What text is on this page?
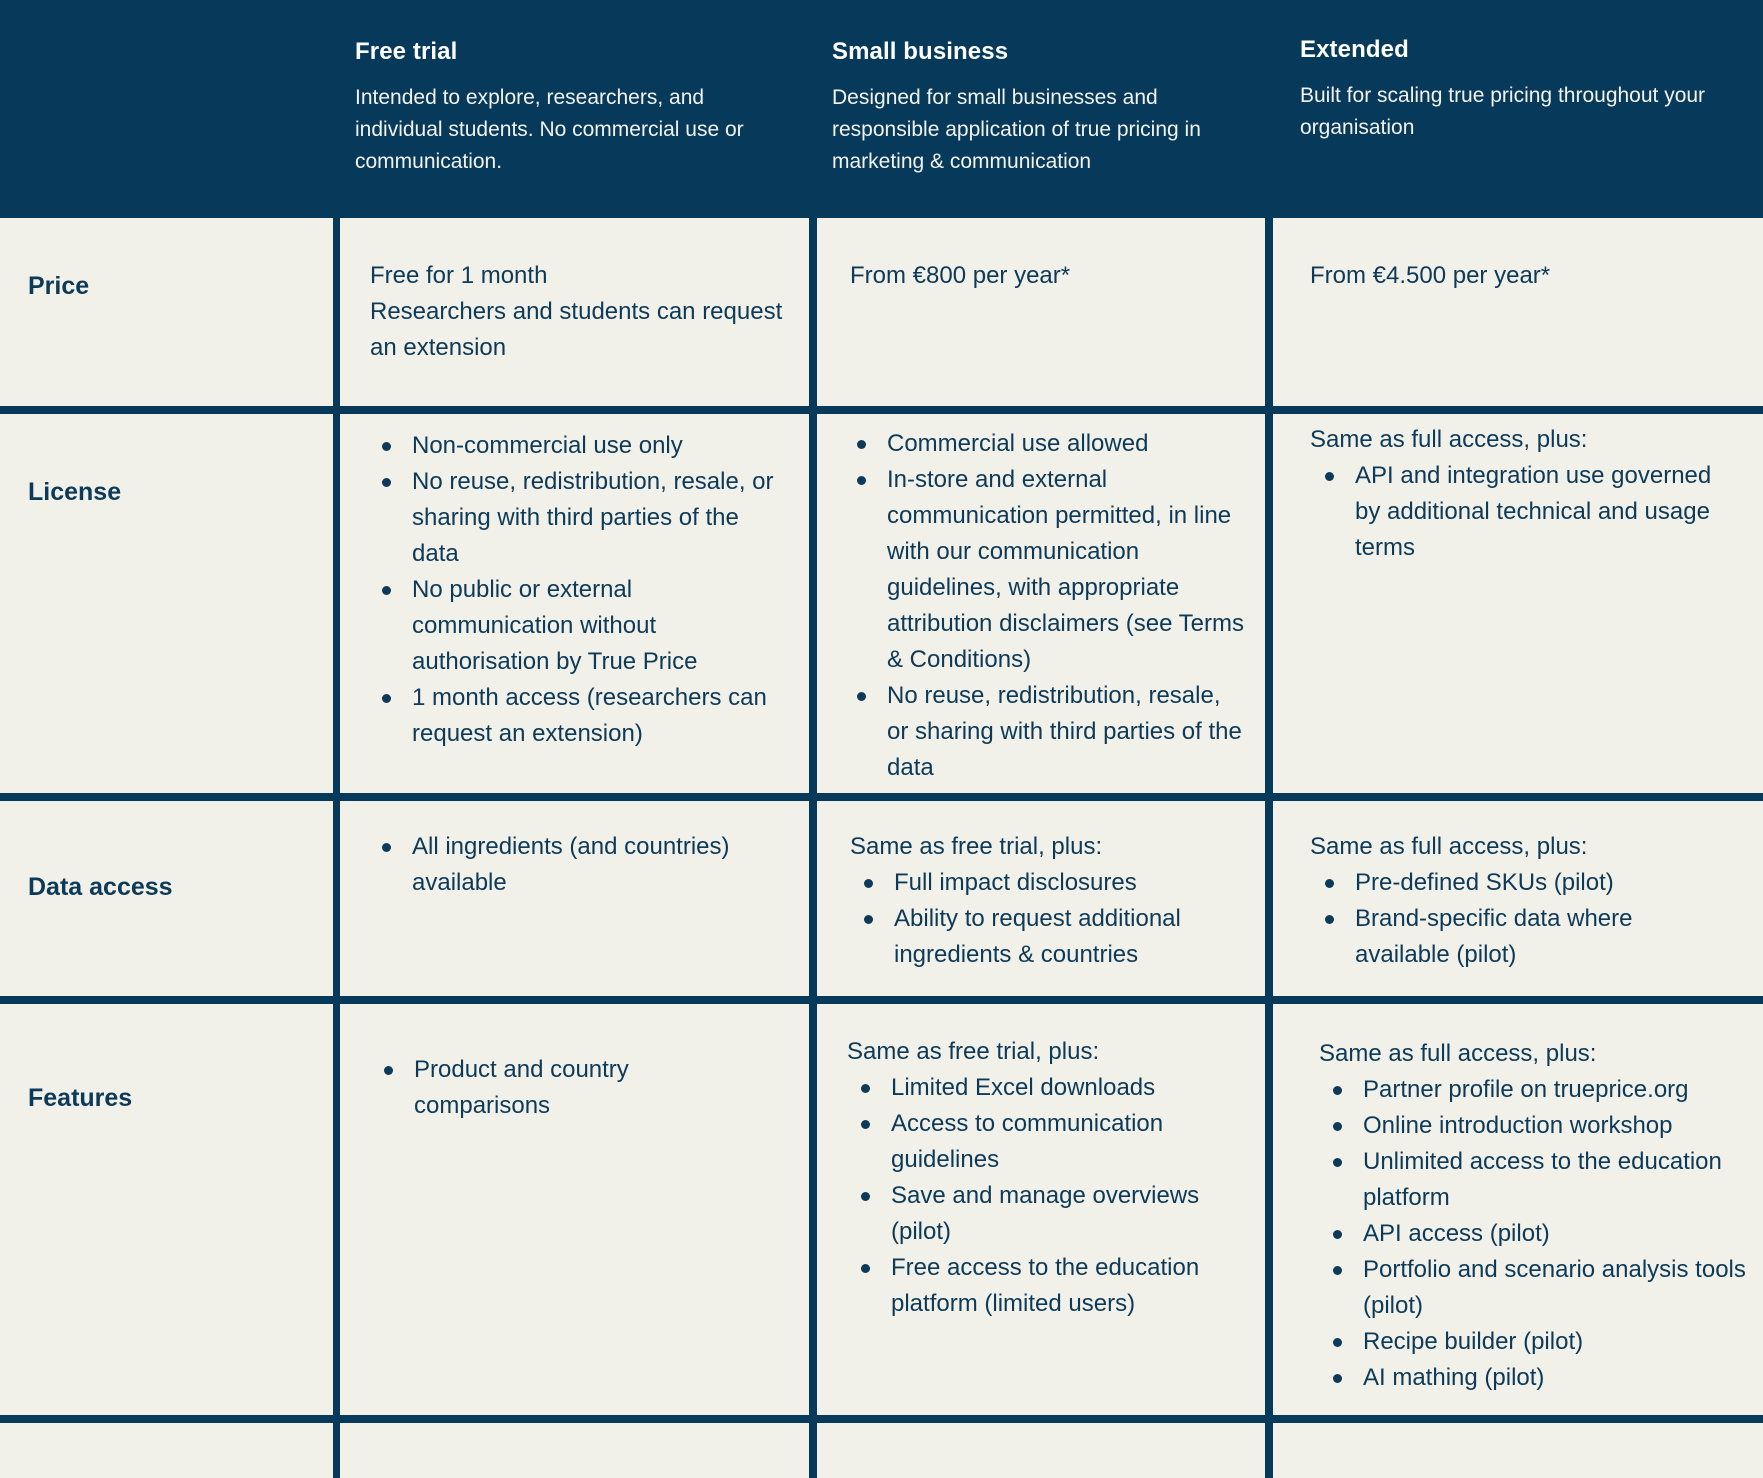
Free trial

Intended to explore, researchers, and individual students. No commercial use or communication.

Small business

Designed for small businesses and responsible application of true pricing in marketing & communication

Extended

Built for scaling true pricing throughout your organisation

Price	Free for 1 month
Researchers and students can request an extension
From €800 per year*	From €4.500 per year*
License
Non-commercial use only
No reuse, redistribution, resale, or sharing with third parties of the data
No public or external communication without authorisation by True Price
1 month access (researchers can request an extension)
Commercial use allowed
In-store and external communication permitted, in line with our communication guidelines, with appropriate attribution disclaimers (see Terms & Conditions)
No reuse, redistribution, resale, or sharing with third parties of the data
Same as full access, plus:
API and integration use governed by additional technical and usage terms
Data access
All ingredients (and countries) available
Same as free trial, plus:
Full impact disclosures
Ability to request additional ingredients & countries
Same as full access, plus:
Pre-defined SKUs (pilot)
Brand-specific data where available (pilot)
Features
Product and country comparisons
Same as free trial, plus:
Limited Excel downloads
Access to communication guidelines
Save and manage overviews (pilot)
Free access to the education platform (limited users)
Same as full access, plus:
Partner profile on trueprice.org
Online introduction workshop
Unlimited access to the education platform
API access (pilot)
Portfolio and scenario analysis tools (pilot)
Recipe builder (pilot)
AI mathing (pilot)
